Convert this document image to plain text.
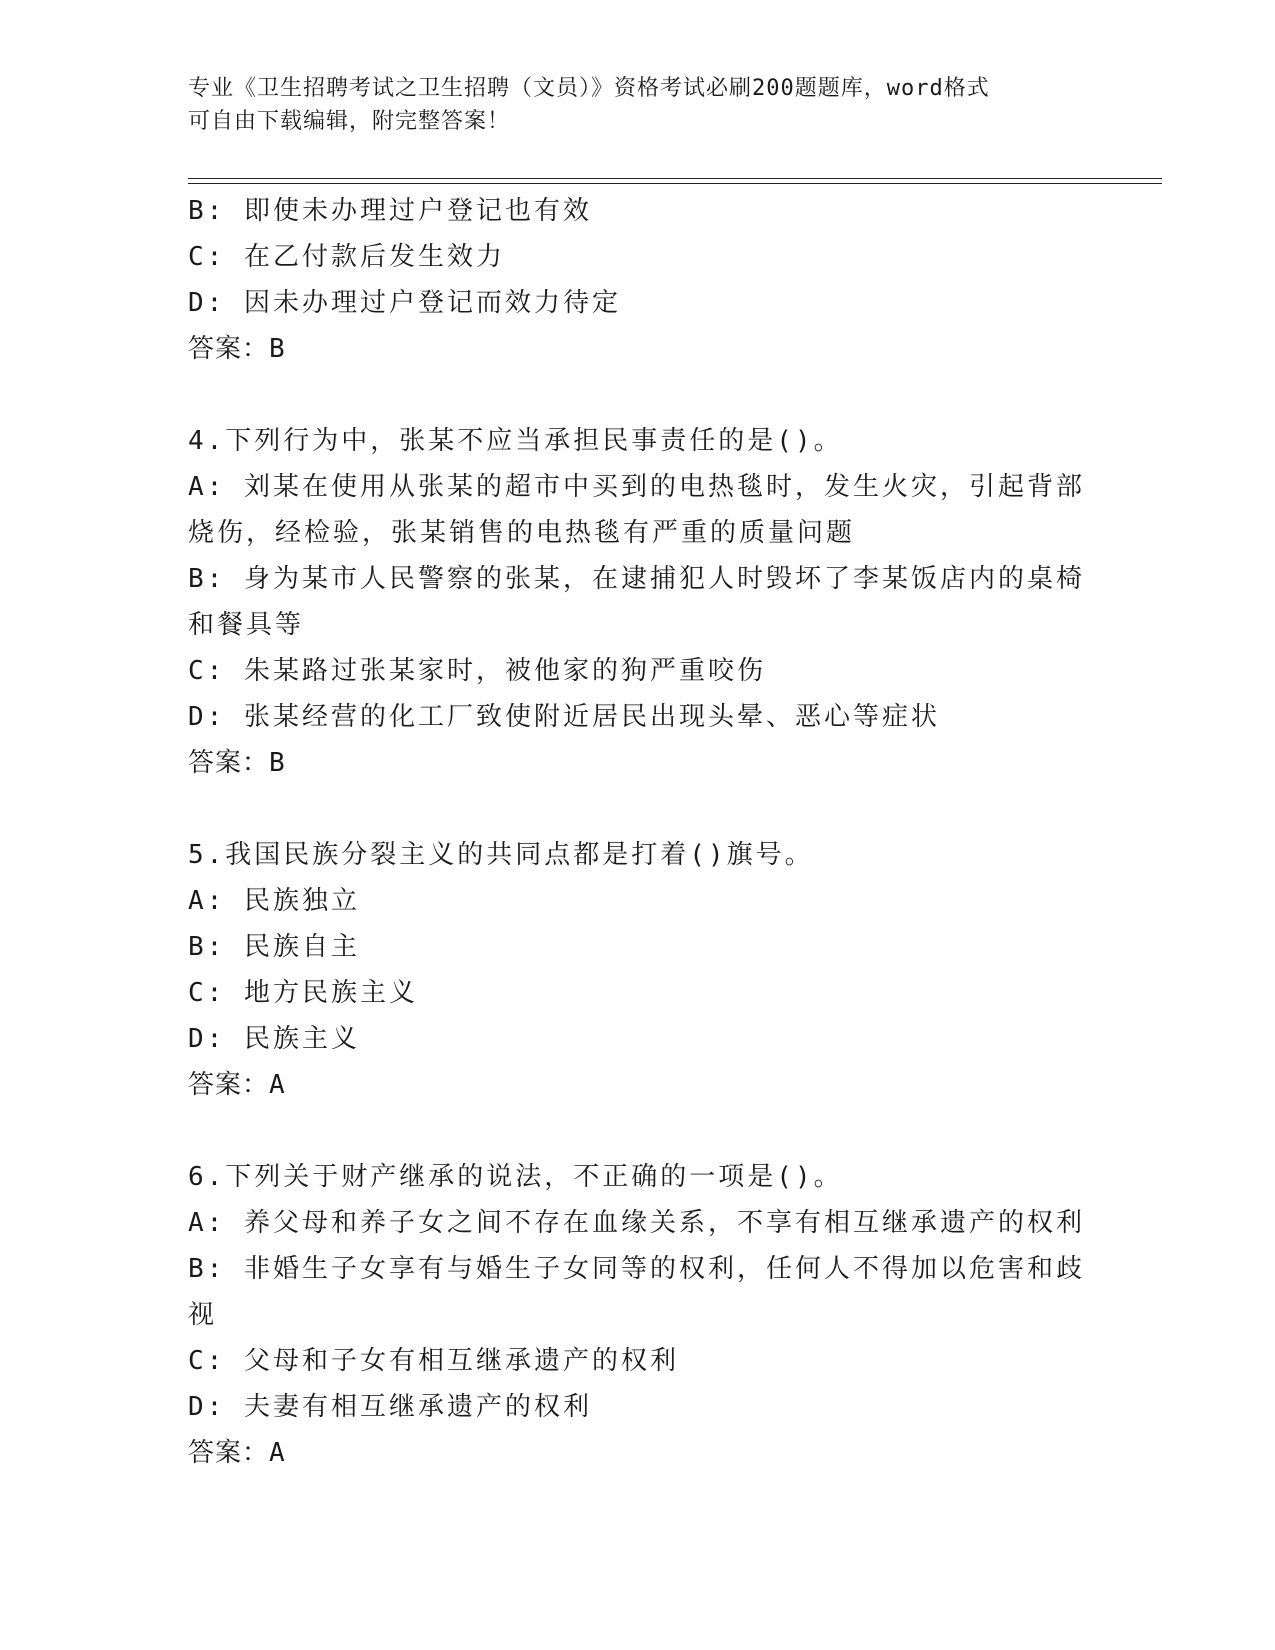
专业《卫生招聘考试之卫生招聘（文员）》资格考试必刷200题题库，word格式
可自由下载编辑，附完整答案！
B: 即使未办理过户登记也有效
C: 在乙付款后发生效力
D: 因未办理过户登记而效力待定
答案：B
4.下列行为中，张某不应当承担民事责任的是()。
A: 刘某在使用从张某的超市中买到的电热毯时，发生火灾，引起背部
烧伤，经检验，张某销售的电热毯有严重的质量问题
B: 身为某市人民警察的张某，在逮捕犯人时毁坏了李某饭店内的桌椅
和餐具等
C: 朱某路过张某家时，被他家的狗严重咬伤
D: 张某经营的化工厂致使附近居民出现头晕、恶心等症状
答案：B
5.我国民族分裂主义的共同点都是打着()旗号。
A: 民族独立
B: 民族自主
C: 地方民族主义
D: 民族主义
答案：A
6.下列关于财产继承的说法，不正确的一项是()。
A: 养父母和养子女之间不存在血缘关系，不享有相互继承遗产的权利
B: 非婚生子女享有与婚生子女同等的权利，任何人不得加以危害和歧
视
C: 父母和子女有相互继承遗产的权利
D: 夫妻有相互继承遗产的权利
答案：A
